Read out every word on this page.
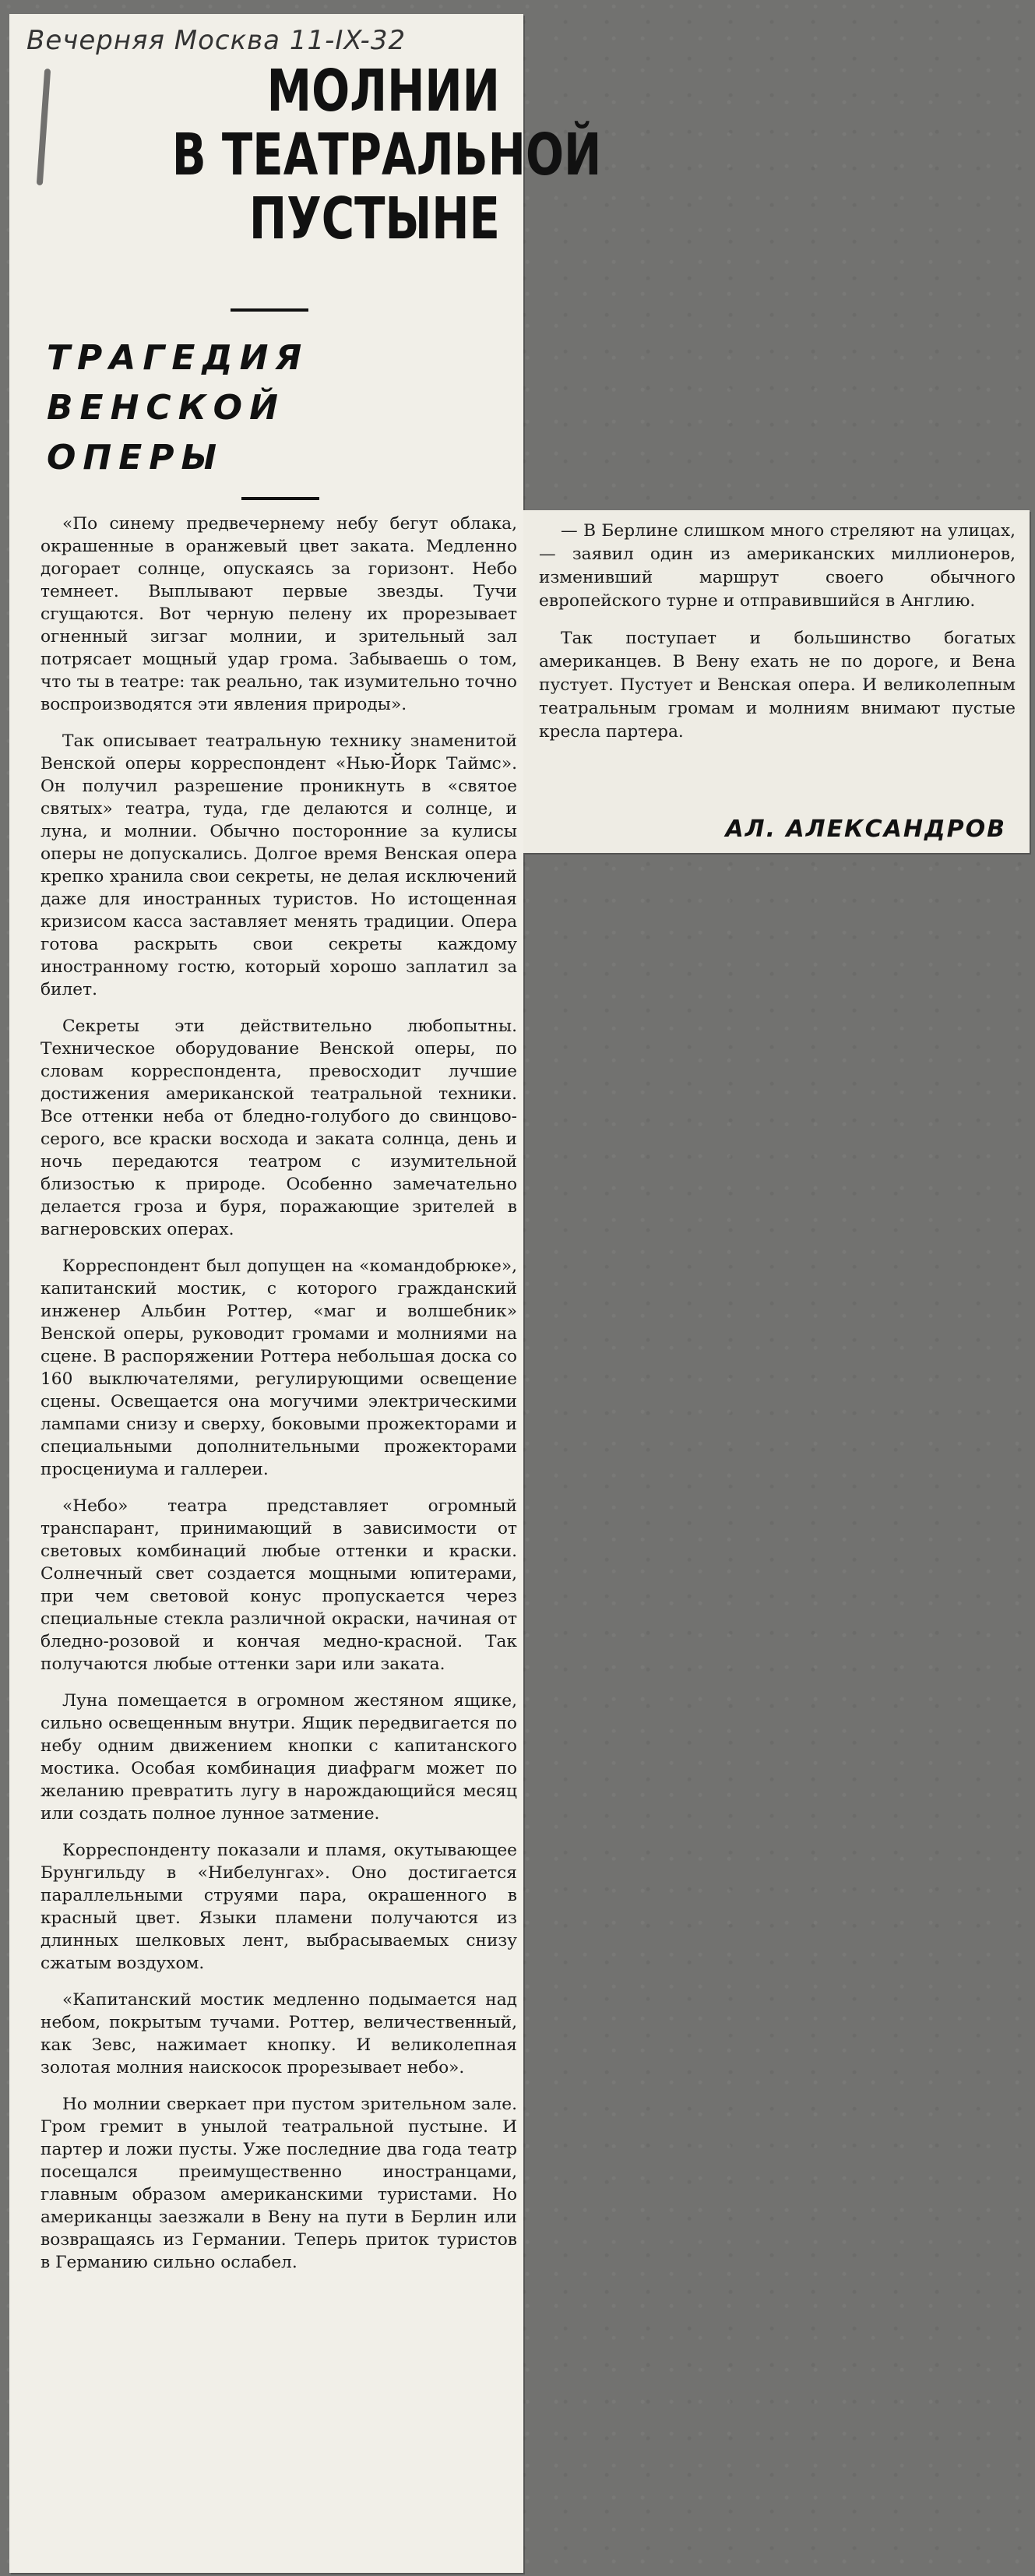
Вечерняя Москва 11-IX-32
МОЛНИИ
В ТЕАТРАЛЬНОЙ
ПУСТЫНЕ
ТРАГЕДИЯ
ВЕНСКОЙ
ОПЕРЫ

«По синему предвечернему небу бегут облака, окрашенные в оранжевый цвет заката. Медленно догорает солнце, опускаясь за горизонт. Небо темнеет. Выплывают первые звезды. Тучи сгущаются. Вот черную пелену их прорезывает огненный зигзаг молнии, и зрительный зал потрясает мощный удар грома. Забываешь о том, что ты в театре: так реально, так изумительно точно воспроизводятся эти явления природы».

Так описывает театральную технику знаменитой Венской оперы корреспондент «Нью-Йорк Таймс». Он получил разрешение проникнуть в «святое святых» театра, туда, где делаются и солнце, и луна, и молнии. Обычно посторонние за кулисы оперы не допускались. Долгое время Венская опера крепко хранила свои секреты, не делая исключений даже для иностранных туристов. Но истощенная кризисом касса заставляет менять традиции. Опера готова раскрыть свои секреты каждому иностранному гостю, который хорошо заплатил за билет.

Секреты эти действительно любопытны. Техническое оборудование Венской оперы, по словам корреспондента, превосходит лучшие достижения американской театральной техники. Все оттенки неба от бледно-голубого до свинцово-серого, все краски восхода и заката солнца, день и ночь передаются театром с изумительной близостью к природе. Особенно замечательно делается гроза и буря, поражающие зрителей в вагнеровских операх.

Корреспондент был допущен на «командобрюке», капитанский мостик, с которого гражданский инженер Альбин Роттер, «маг и волшебник» Венской оперы, руководит громами и молниями на сцене. В распоряжении Роттера небольшая доска со 160 выключателями, регулирующими освещение сцены. Освещается она могучими электрическими лампами снизу и сверху, боковыми прожекторами и специальными дополнительными прожекторами просцениума и галлереи.

«Небо» театра представляет огромный транспарант, принимающий в зависимости от световых комбинаций любые оттенки и краски. Солнечный свет создается мощными юпитерами, при чем световой конус пропускается через специальные стекла различной окраски, начиная от бледно-розовой и кончая медно-красной. Так получаются любые оттенки зари или заката.

Луна помещается в огромном жестяном ящике, сильно освещенным внутри. Ящик передвигается по небу одним движением кнопки с капитанского мостика. Особая комбинация диафрагм может по желанию превратить лугу в нарождающийся месяц или создать полное лунное затмение.

Корреспонденту показали и пламя, окутывающее Брунгильду в «Нибелунгах». Оно достигается параллельными струями пара, окрашенного в красный цвет. Языки пламени получаются из длинных шелковых лент, выбрасываемых снизу сжатым воздухом.

«Капитанский мостик медленно подымается над небом, покрытым тучами. Роттер, величественный, как Зевс, нажимает кнопку. И великолепная золотая молния наискосок прорезывает небо».

Но молнии сверкает при пустом зрительном зале. Гром гремит в унылой театральной пустыне. И партер и ложи пусты. Уже последние два года театр посещался преимущественно иностранцами, главным образом американскими туристами. Но американцы заезжали в Вену на пути в Берлин или возвращаясь из Германии. Теперь приток туристов в Германию сильно ослабел.

— В Берлине слишком много стреляют на улицах, — заявил один из американских миллионеров, изменивший маршрут своего обычного европейского турне и отправившийся в Англию.

Так поступает и большинство богатых американцев. В Вену ехать не по дороге, и Вена пустует. Пустует и Венская опера. И великолепным театральным громам и молниям внимают пустые кресла партера.

АЛ. АЛЕКСАНДРОВ
